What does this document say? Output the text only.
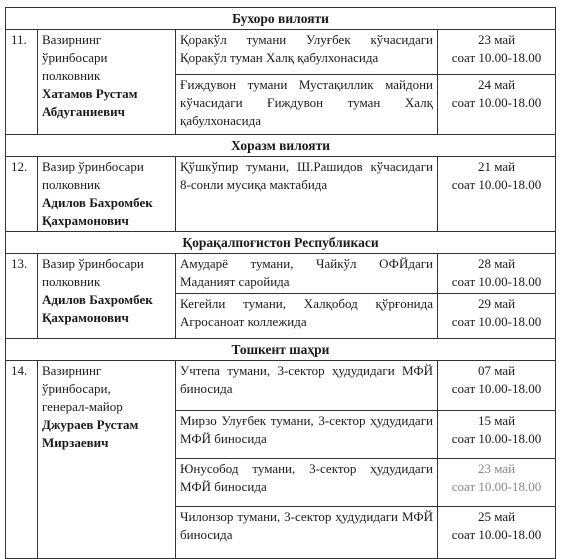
Бухоро вилояти			
11.	Вазирнинг
ўринбосари
полковник
Хатамов Рустам
Абдуганиевич	Қоракўл тумани Улуғбек кўчасидаги Қоракўл туман Халқ қабулхонасида	23 май
соат 10.00-18.00

		Ғиждувон тумани Мустақиллик майдони кўчасидаги Ғиждувон туман Халқ қабулхонасида	24 май
соат 10.00-18.00

Хоразм вилояти			
12.	Вазир ўринбосари
полковник
Адилов Бахромбек
Қахрамонович	Қўшкўпир тумани, Ш.Рашидов кўчасидаги 8-сонли мусиқа мактабида	21 май
соат 10.00-18.00

Қорақалпоғистон Республикаси			
13.	Вазир ўринбосари
полковник
Адилов Бахромбек
Қахрамонович	Амударё тумани, Чайкўл ОФЙдаги Маданият саройида	28 май
соат 10.00-18.00

		Кегейли тумани, Халқобод қўрғонида Агросаноат коллежида	29 май
соат 10.00-18.00

Тошкент шаҳри			
14.	Вазирнинг
ўринбосари,
генерал-майор
Джураев Рустам
Мирзаевич	Учтепа тумани, 3-сектор ҳудудидаги МФЙ биносида	07 май
соат 10.00-18.00

		Мирзо Улуғбек тумани, 3-сектор ҳудудидаги МФЙ биносида	15 май
соат 10.00-18.00

		Юнусобод тумани, 3-сектор ҳудудидаги МФЙ биносида	23 май
соат 10.00-18.00

		Чилонзор тумани, 3-сектор ҳудудидаги МФЙ биносида	25 май
соат 10.00-18.00
